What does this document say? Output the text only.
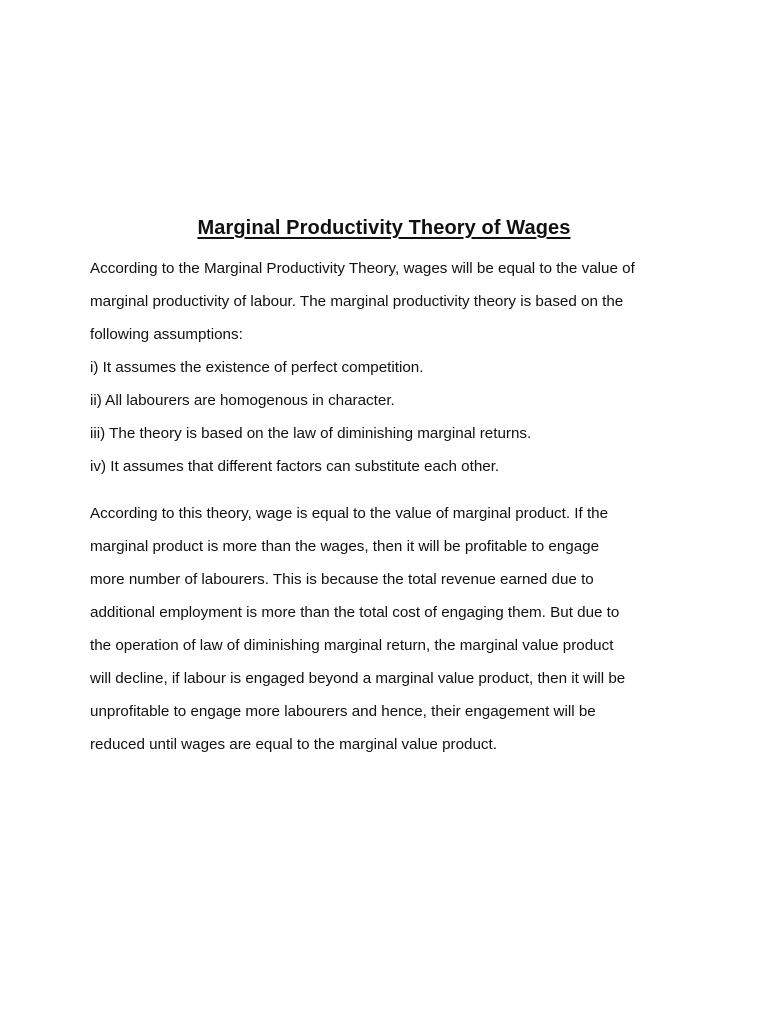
Marginal Productivity Theory of Wages
According to the Marginal Productivity Theory, wages will be equal to the value of
marginal productivity of labour. The marginal productivity theory is based on the
following assumptions:
i) It assumes the existence of perfect competition.
ii) All labourers are homogenous in character.
iii) The theory is based on the law of diminishing marginal returns.
iv) It assumes that different factors can substitute each other.
According to this theory, wage is equal to the value of marginal product. If the
marginal product is more than the wages, then it will be profitable to engage
more number of labourers. This is because the total revenue earned due to
additional employment is more than the total cost of engaging them. But due to
the operation of law of diminishing marginal return, the marginal value product
will decline, if labour is engaged beyond a marginal value product, then it will be
unprofitable to engage more labourers and hence, their engagement will be
reduced until wages are equal to the marginal value product.
